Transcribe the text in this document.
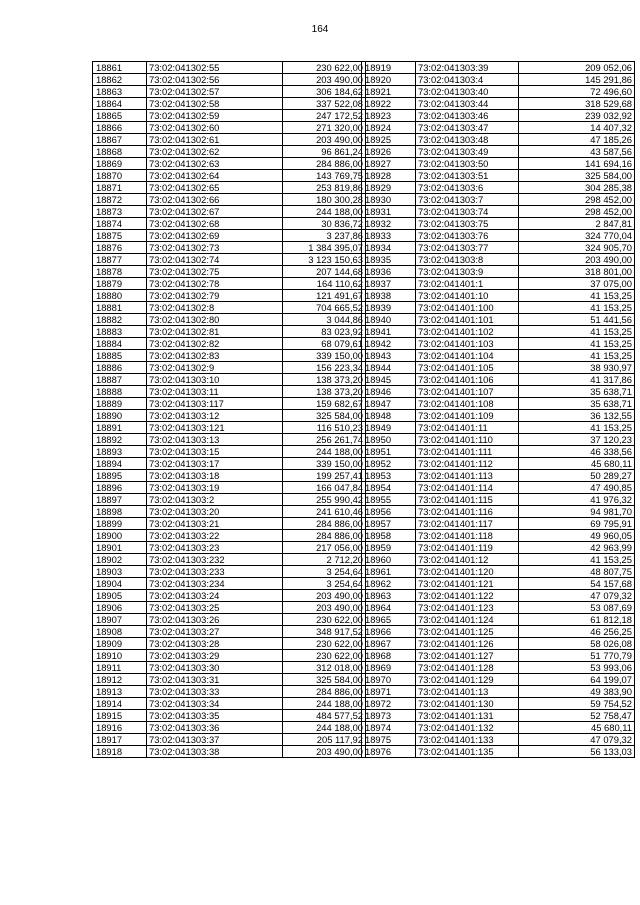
164
18861	73:02:041302:55	230 622,00
18862	73:02:041302:56	203 490,00
18863	73:02:041302:57	306 184,62
18864	73:02:041302:58	337 522,08
18865	73:02:041302:59	247 172,52
18866	73:02:041302:60	271 320,00
18867	73:02:041302:61	203 490,00
18868	73:02:041302:62	96 861,24
18869	73:02:041302:63	284 886,00
18870	73:02:041302:64	143 769,75
18871	73:02:041302:65	253 819,86
18872	73:02:041302:66	180 300,28
18873	73:02:041302:67	244 188,00
18874	73:02:041302:68	30 836,72
18875	73:02:041302:69	3 237,86
18876	73:02:041302:73	1 384 395,07
18877	73:02:041302:74	3 123 150,63
18878	73:02:041302:75	207 144,68
18879	73:02:041302:78	164 110,62
18880	73:02:041302:79	121 491,67
18881	73:02:041302:8	704 665,52
18882	73:02:041302:80	3 044,86
18883	73:02:041302:81	83 023,92
18884	73:02:041302:82	68 079,61
18885	73:02:041302:83	339 150,00
18886	73:02:041302:9	156 223,34
18887	73:02:041303:10	138 373,20
18888	73:02:041303:11	138 373,20
18889	73:02:041303:117	159 682,67
18890	73:02:041303:12	325 584,00
18891	73:02:041303:121	116 510,23
18892	73:02:041303:13	256 261,74
18893	73:02:041303:15	244 188,00
18894	73:02:041303:17	339 150,00
18895	73:02:041303:18	199 257,41
18896	73:02:041303:19	166 047,84
18897	73:02:041303:2	255 990,42
18898	73:02:041303:20	241 610,46
18899	73:02:041303:21	284 886,00
18900	73:02:041303:22	284 886,00
18901	73:02:041303:23	217 056,00
18902	73:02:041303:232	2 712,20
18903	73:02:041303:233	3 254,64
18904	73:02:041303:234	3 254,64
18905	73:02:041303:24	203 490,00
18906	73:02:041303:25	203 490,00
18907	73:02:041303:26	230 622,00
18908	73:02:041303:27	348 917,52
18909	73:02:041303:28	230 622,00
18910	73:02:041303:29	230 622,00
18911	73:02:041303:30	312 018,00
18912	73:02:041303:31	325 584,00
18913	73:02:041303:33	284 886,00
18914	73:02:041303:34	244 188,00
18915	73:02:041303:35	484 577,52
18916	73:02:041303:36	244 188,00
18917	73:02:041303:37	205 117,92
18918	73:02:041303:38	203 490,00
18919	73:02:041303:39	209 052,06
18920	73:02:041303:4	145 291,86
18921	73:02:041303:40	72 496,60
18922	73:02:041303:44	318 529,68
18923	73:02:041303:46	239 032,92
18924	73:02:041303:47	14 407,32
18925	73:02:041303:48	47 185,26
18926	73:02:041303:49	43 587,56
18927	73:02:041303:50	141 694,16
18928	73:02:041303:51	325 584,00
18929	73:02:041303:6	304 285,38
18930	73:02:041303:7	298 452,00
18931	73:02:041303:74	298 452,00
18932	73:02:041303:75	2 847,81
18933	73:02:041303:76	324 770,04
18934	73:02:041303:77	324 905,70
18935	73:02:041303:8	203 490,00
18936	73:02:041303:9	318 801,00
18937	73:02:041401:1	37 075,00
18938	73:02:041401:10	41 153,25
18939	73:02:041401:100	41 153,25
18940	73:02:041401:101	51 441,56
18941	73:02:041401:102	41 153,25
18942	73:02:041401:103	41 153,25
18943	73:02:041401:104	41 153,25
18944	73:02:041401:105	38 930,97
18945	73:02:041401:106	41 317,86
18946	73:02:041401:107	35 638,71
18947	73:02:041401:108	35 638,71
18948	73:02:041401:109	36 132,55
18949	73:02:041401:11	41 153,25
18950	73:02:041401:110	37 120,23
18951	73:02:041401:111	46 338,56
18952	73:02:041401:112	45 680,11
18953	73:02:041401:113	50 289,27
18954	73:02:041401:114	47 490,85
18955	73:02:041401:115	41 976,32
18956	73:02:041401:116	94 981,70
18957	73:02:041401:117	69 795,91
18958	73:02:041401:118	49 960,05
18959	73:02:041401:119	42 963,99
18960	73:02:041401:12	41 153,25
18961	73:02:041401:120	48 807,75
18962	73:02:041401:121	54 157,68
18963	73:02:041401:122	47 079,32
18964	73:02:041401:123	53 087,69
18965	73:02:041401:124	61 812,18
18966	73:02:041401:125	46 256,25
18967	73:02:041401:126	58 026,08
18968	73:02:041401:127	51 770,79
18969	73:02:041401:128	53 993,06
18970	73:02:041401:129	64 199,07
18971	73:02:041401:13	49 383,90
18972	73:02:041401:130	59 754,52
18973	73:02:041401:131	52 758,47
18974	73:02:041401:132	45 680,11
18975	73:02:041401:133	47 079,32
18976	73:02:041401:135	56 133,03
